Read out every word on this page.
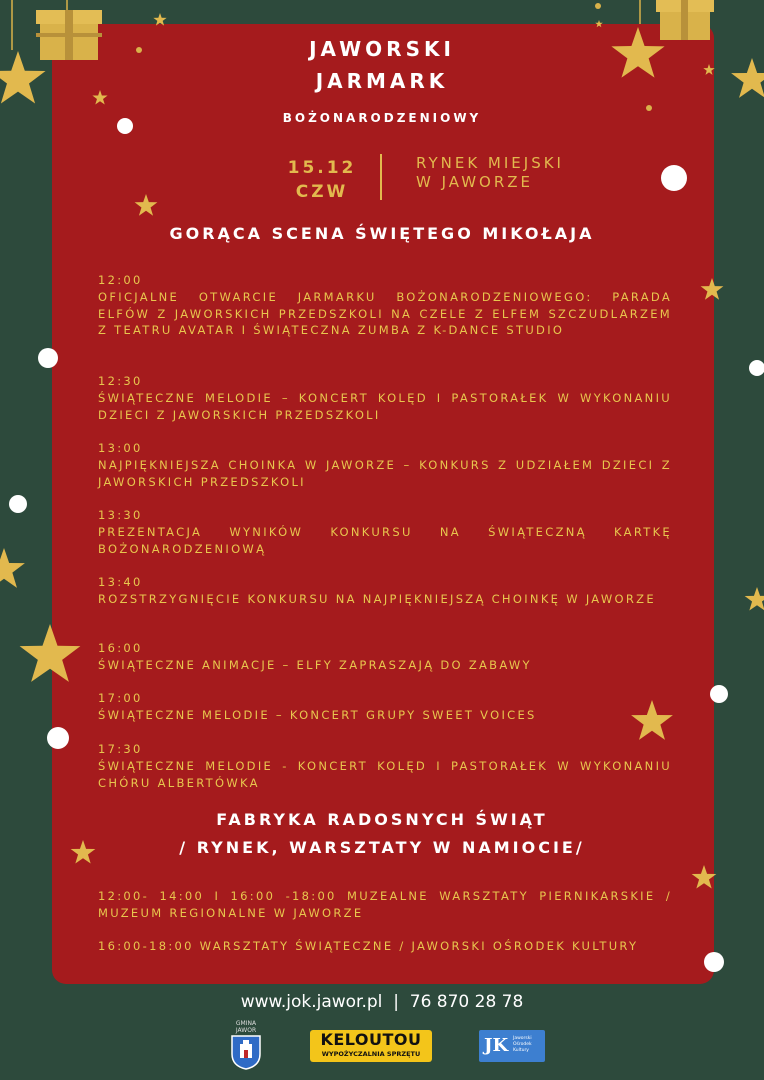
JAWORSKI
JARMARK
BOŻONARODZENIOWY
15.12
CZW
RYNEK MIEJSKI
W JAWORZE
GORĄCA SCENA ŚWIĘTEGO MIKOŁAJA
12:00
OFICJALNE OTWARCIE JARMARKU BOŻONARODZENIOWEGO: PARADA ELFÓW Z JAWORSKICH PRZEDSZKOLI NA CZELE Z ELFEM SZCZUDLARZEM Z TEATRU AVATAR I ŚWIĄTECZNA ZUMBA Z K-DANCE STUDIO
12:30
ŚWIĄTECZNE MELODIE – KONCERT KOLĘD I PASTORAŁEK W WYKONANIU DZIECI Z JAWORSKICH PRZEDSZKOLI
13:00
NAJPIĘKNIEJSZA CHOINKA W JAWORZE – KONKURS Z UDZIAŁEM DZIECI Z JAWORSKICH PRZEDSZKOLI
13:30
PREZENTACJA WYNIKÓW KONKURSU NA ŚWIĄTECZNĄ KARTKĘ BOŻONARODZENIOWĄ
13:40
ROZSTRZYGNIĘCIE KONKURSU NA NAJPIĘKNIEJSZĄ CHOINKĘ W JAWORZE
16:00
ŚWIĄTECZNE ANIMACJE – ELFY ZAPRASZAJĄ DO ZABAWY
17:00
ŚWIĄTECZNE MELODIE – KONCERT GRUPY SWEET VOICES
17:30
ŚWIĄTECZNE MELODIE - KONCERT KOLĘD I PASTORAŁEK W WYKONANIU CHÓRU ALBERTÓWKA
FABRYKA RADOSNYCH ŚWIĄT
/ RYNEK, WARSZTATY W NAMIOCIE/
12:00- 14:00 I 16:00 -18:00 MUZEALNE WARSZTATY PIERNIKARSKIE / MUZEUM REGIONALNE W JAWORZE
16:00-18:00 WARSZTATY ŚWIĄTECZNE / JAWORSKI OŚRODEK KULTURY
www.jok.jawor.pl  |  76 870 28 78
GMINA
JAWOR	KELOUTOU
WYPOŻYCZALNIA SPRZĘTU	JK Jaworski Ośrodek Kultury
